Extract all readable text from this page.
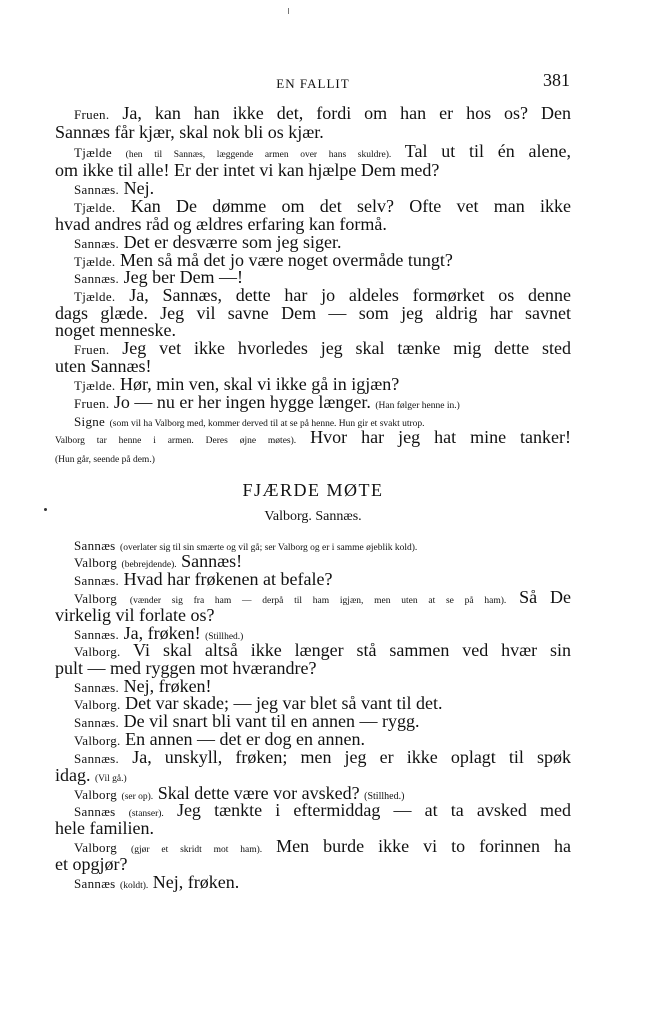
EN FALLIT	381
Fruen. Ja, kan han ikke det, fordi om han er hos os? Den
Sannæs får kjær, skal nok bli os kjær.
Tjælde (hen til Sannæs, læggende armen over hans skuldre). Tal ut til én alene,
om ikke til alle! Er der intet vi kan hjælpe Dem med?
Sannæs. Nej.
Tjælde. Kan De dømme om det selv? Ofte vet man ikke
hvad andres råd og ældres erfaring kan formå.
Sannæs. Det er desværre som jeg siger.
Tjælde. Men så må det jo være noget overmåde tungt?
Sannæs. Jeg ber Dem —!
Tjælde. Ja, Sannæs, dette har jo aldeles formørket os denne
dags glæde. Jeg vil savne Dem — som jeg aldrig har savnet
noget menneske.
Fruen. Jeg vet ikke hvorledes jeg skal tænke mig dette sted
uten Sannæs!
Tjælde. Hør, min ven, skal vi ikke gå in igjæn?
Fruen. Jo — nu er her ingen hygge længer. (Han følger henne in.)
Signe (som vil ha Valborg med, kommer derved til at se på henne. Hun gir et svakt utrop.
Valborg tar henne i armen. Deres øjne møtes). Hvor har jeg hat mine tanker!
(Hun går, seende på dem.)
FJÆRDE MØTE
Valborg. Sannæs.
Sannæs (overlater sig til sin smærte og vil gå; ser Valborg og er i samme øjeblik kold).
Valborg (bebrejdende). Sannæs!
Sannæs. Hvad har frøkenen at befale?
Valborg (vænder sig fra ham — derpå til ham igjæn, men uten at se på ham). Så De
virkelig vil forlate os?
Sannæs. Ja, frøken! (Stillhed.)
Valborg. Vi skal altså ikke længer stå sammen ved hvær sin
pult — med ryggen mot hværandre?
Sannæs. Nej, frøken!
Valborg. Det var skade; — jeg var blet så vant til det.
Sannæs. De vil snart bli vant til en annen — rygg.
Valborg. En annen — det er dog en annen.
Sannæs. Ja, unskyll, frøken; men jeg er ikke oplagt til spøk
idag. (Vil gå.)
Valborg (ser op). Skal dette være vor avsked? (Stillhed.)
Sannæs (stanser). Jeg tænkte i eftermiddag — at ta avsked med
hele familien.
Valborg (gjør et skridt mot ham). Men burde ikke vi to forinnen ha
et opgjør?
Sannæs (koldt). Nej, frøken.
